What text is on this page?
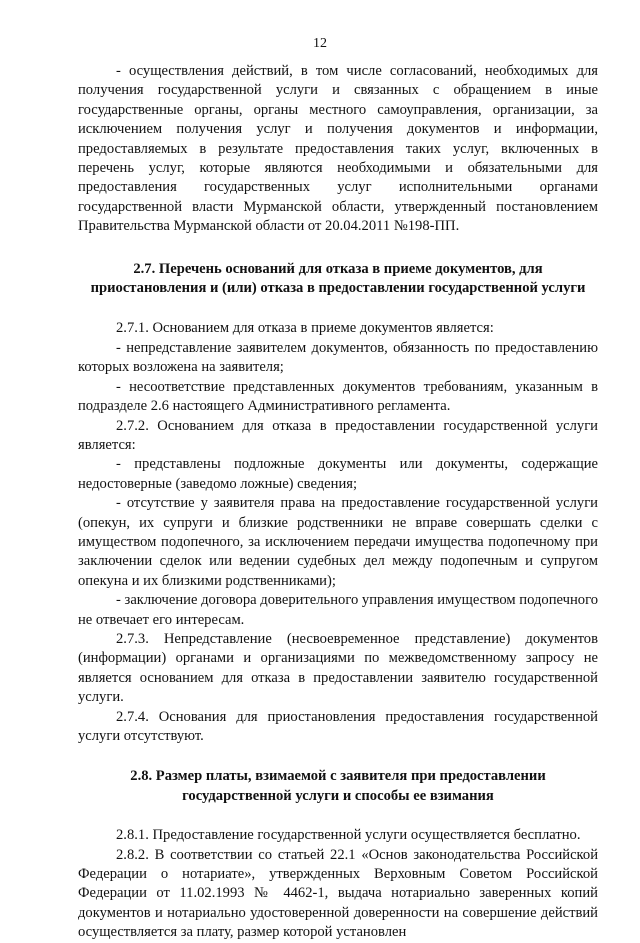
12

- осуществления действий, в том числе согласований, необходимых для получения государственной услуги и связанных с обращением в иные государственные органы, органы местного самоуправления, организации, за исключением получения услуг и получения документов и информации, предоставляемых в результате предоставления таких услуг, включенных в перечень услуг, которые являются необходимыми и обязательными для предоставления государственных услуг исполнительными органами государственной власти Мурманской области, утвержденный постановлением Правительства Мурманской области от 20.04.2011 №198-ПП.

2.7. Перечень оснований для отказа в приеме документов, для
приостановления и (или) отказа в предоставлении государственной услуги

2.7.1. Основанием для отказа в приеме документов является:

- непредставление заявителем документов, обязанность по предоставлению которых возложена на заявителя;

- несоответствие представленных документов требованиям, указанным в подразделе 2.6 настоящего Административного регламента.

2.7.2. Основанием для отказа в предоставлении государственной услуги является:

- представлены подложные документы или документы, содержащие недостоверные (заведомо ложные) сведения;

- отсутствие у заявителя права на предоставление государственной услуги (опекун, их супруги и близкие родственники не вправе совершать сделки с имуществом подопечного, за исключением передачи имущества подопечному при заключении сделок или ведении судебных дел между подопечным и супругом опекуна и их близкими родственниками);

- заключение договора доверительного управления имуществом подопечного не отвечает его интересам.

2.7.3. Непредставление (несвоевременное представление) документов (информации) органами и организациями по межведомственному запросу не является основанием для отказа в предоставлении заявителю государственной услуги.

2.7.4. Основания для приостановления предоставления государственной услуги отсутствуют.

2.8. Размер платы, взимаемой с заявителя при предоставлении
государственной услуги и способы ее взимания

2.8.1. Предоставление государственной услуги осуществляется бесплатно.

2.8.2. В соответствии со статьей 22.1 «Основ законодательства Российской Федерации о нотариате», утвержденных Верховным Советом Российской Федерации от 11.02.1993 № 4462-1, выдача нотариально заверенных копий документов и нотариально удостоверенной доверенности на совершение действий осуществляется за плату, размер которой установлен
